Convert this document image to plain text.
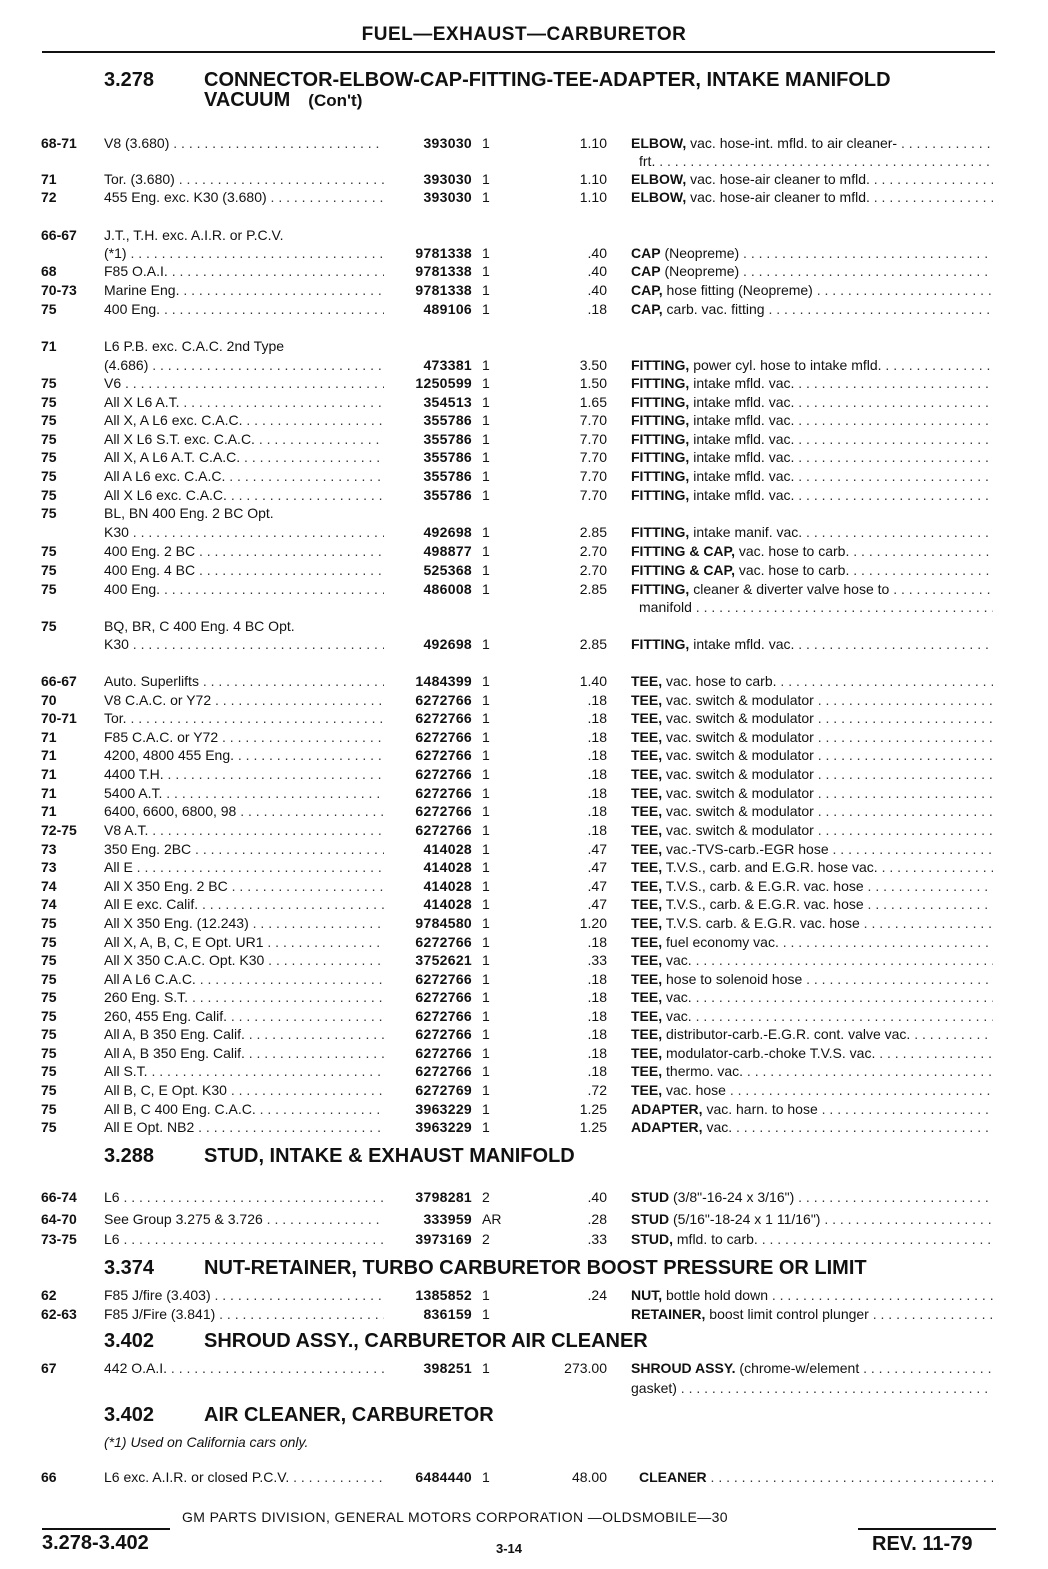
FUEL—EXHAUST—CARBURETOR
3.278 CONNECTOR-ELBOW-CAP-FITTING-TEE-ADAPTER, INTAKE MANIFOLD
VACUUM (Con't)
3.288 STUD, INTAKE & EXHAUST MANIFOLD
3.374 NUT-RETAINER, TURBO CARBURETOR BOOST PRESSURE OR LIMIT
3.402 SHROUD ASSY., CARBURETOR AIR CLEANER
3.402 AIR CLEANER, CARBURETOR
68-71 V8 (3.680) . . .	393030 1	1.10 ELBOW, vac. hose-int. mfld. to air cleaner- . . .
frt. . . .
71	Tor. (3.680) . . .	393030 1	1.10 ELBOW, vac. hose-air cleaner to mfld. . . .
72	455 Eng. exc. K30 (3.680) . . .	393030 1	1.10 ELBOW, vac. hose-air cleaner to mfld. . . .
66-67 J.T., T.H. exc. A.I.R. or P.C.V.
(*1) . . .	9781338 1	.40 CAP (Neopreme) . . .
68	F85 O.A.I. . . .	9781338 1	.40 CAP (Neopreme) . . .
70-73 Marine Eng. . . .	9781338 1	.40 CAP, hose fitting (Neopreme) . . .
75	400 Eng. . . .	489106 1	.18 CAP, carb. vac. fitting . . .
71	L6 P.B. exc. C.A.C. 2nd Type
(4.686) . . .	473381 1	3.50 FITTING, power cyl. hose to intake mfld. . . .
75	V6 . . .	1250599 1	1.50 FITTING, intake mfld. vac. . . .
75	All X L6 A.T. . . .	354513 1	1.65 FITTING, intake mfld. vac. . . .
75	All X, A L6 exc. C.A.C. . . .	355786 1	7.70 FITTING, intake mfld. vac. . . .
75	All X L6 S.T. exc. C.A.C. . . .	355786 1	7.70 FITTING, intake mfld. vac. . . .
75	All X, A L6 A.T. C.A.C. . . .	355786 1	7.70 FITTING, intake mfld. vac. . . .
75	All A L6 exc. C.A.C. . . .	355786 1	7.70 FITTING, intake mfld. vac. . . .
75	All X L6 exc. C.A.C. . . .	355786 1	7.70 FITTING, intake mfld. vac. . . .
75	BL, BN 400 Eng. 2 BC Opt.
K30 . . .	492698 1	2.85 FITTING, intake manif. vac. . . .
75	400 Eng. 2 BC . . .	498877 1	2.70 FITTING & CAP, vac. hose to carb. . . .
75	400 Eng. 4 BC . . .	525368 1	2.70 FITTING & CAP, vac. hose to carb. . . .
75	400 Eng. . . .	486008 1	2.85 FITTING, cleaner & diverter valve hose to . . .
manifold . . .
75	BQ, BR, C 400 Eng. 4 BC Opt.
K30 . . .	492698 1	2.85 FITTING, intake mfld. vac. . . .
66-67 Auto. Superlifts . . .	1484399 1	1.40 TEE, vac. hose to carb. . . .
70	V8 C.A.C. or Y72 . . .	6272766 1	.18 TEE, vac. switch & modulator . . .
70-71 Tor. . . .	6272766 1	.18 TEE, vac. switch & modulator . . .
71	F85 C.A.C. or Y72 . . .	6272766 1	.18 TEE, vac. switch & modulator . . .
71	4200, 4800 455 Eng. . . .	6272766 1	.18 TEE, vac. switch & modulator . . .
71	4400 T.H. . . .	6272766 1	.18 TEE, vac. switch & modulator . . .
71	5400 A.T. . . .	6272766 1	.18 TEE, vac. switch & modulator . . .
71	6400, 6600, 6800, 98 . . .	6272766 1	.18 TEE, vac. switch & modulator . . .
72-75 V8 A.T. . . .	6272766 1	.18 TEE, vac. switch & modulator . . .
73	350 Eng. 2BC . . .	414028 1	.47 TEE, vac.-TVS-carb.-EGR hose . . .
73	All E . . .	414028 1	.47 TEE, T.V.S., carb. and E.G.R. hose vac. . . .
74	All X 350 Eng. 2 BC . . .	414028 1	.47 TEE, T.V.S., carb. & E.G.R. vac. hose . . .
74	All E exc. Calif. . . .	414028 1	.47 TEE, T.V.S., carb. & E.G.R. vac. hose . . .
75	All X 350 Eng. (12.243) . . .	9784580 1	1.20 TEE, T.V.S. carb. & E.G.R. vac. hose . . .
75	All X, A, B, C, E Opt. UR1 . . .	6272766 1	.18 TEE, fuel economy vac. . . .
75	All X 350 C.A.C. Opt. K30 . . .	3752621 1	.33 TEE, vac. . . .
75	All A L6 C.A.C. . . .	6272766 1	.18 TEE, hose to solenoid hose . . .
75	260 Eng. S.T. . . .	6272766 1	.18 TEE, vac. . . .
75	260, 455 Eng. Calif. . . .	6272766 1	.18 TEE, vac. . . .
75	All A, B 350 Eng. Calif. . . .	6272766 1	.18 TEE, distributor-carb.-E.G.R. cont. valve vac. . . .
75	All A, B 350 Eng. Calif. . . .	6272766 1	.18 TEE, modulator-carb.-choke T.V.S. vac. . . .
75	All S.T. . . .	6272766 1	.18 TEE, thermo. vac. . . .
75	All B, C, E Opt. K30 . . .	6272769 1	.72 TEE, vac. hose . . .
75	All B, C 400 Eng. C.A.C. . . .	3963229 1	1.25 ADAPTER, vac. harn. to hose . . .
75	All E Opt. NB2 . . .	3963229 1	1.25 ADAPTER, vac. . . .
66-74 L6 . . .	3798281 2	.40 STUD (3/8"-16-24 x 3/16") . . .
64-70 See Group 3.275 & 3.726 . . .	333959 AR	.28 STUD (5/16"-18-24 x 1 11/16") . . .
73-75 L6 . . .	3973169 2	.33 STUD, mfld. to carb. . . .
62	F85 J/fire (3.403) . . .	1385852 1	.24 NUT, bottle hold down . . .
62-63 F85 J/Fire (3.841) . . .	836159 1	RETAINER, boost limit control plunger . . .
67	442 O.A.I. . . .	398251 1	273.00 SHROUD ASSY. (chrome-w/element . . .
gasket) . . .
66	L6 exc. A.I.R. or closed P.C.V. . . .	6484440 1	48.00	CLEANER . . .
(*1) Used on California cars only.
GM PARTS DIVISION, GENERAL MOTORS CORPORATION —OLDSMOBILE—30
3.278-3.402	3-14	REV. 11-79
